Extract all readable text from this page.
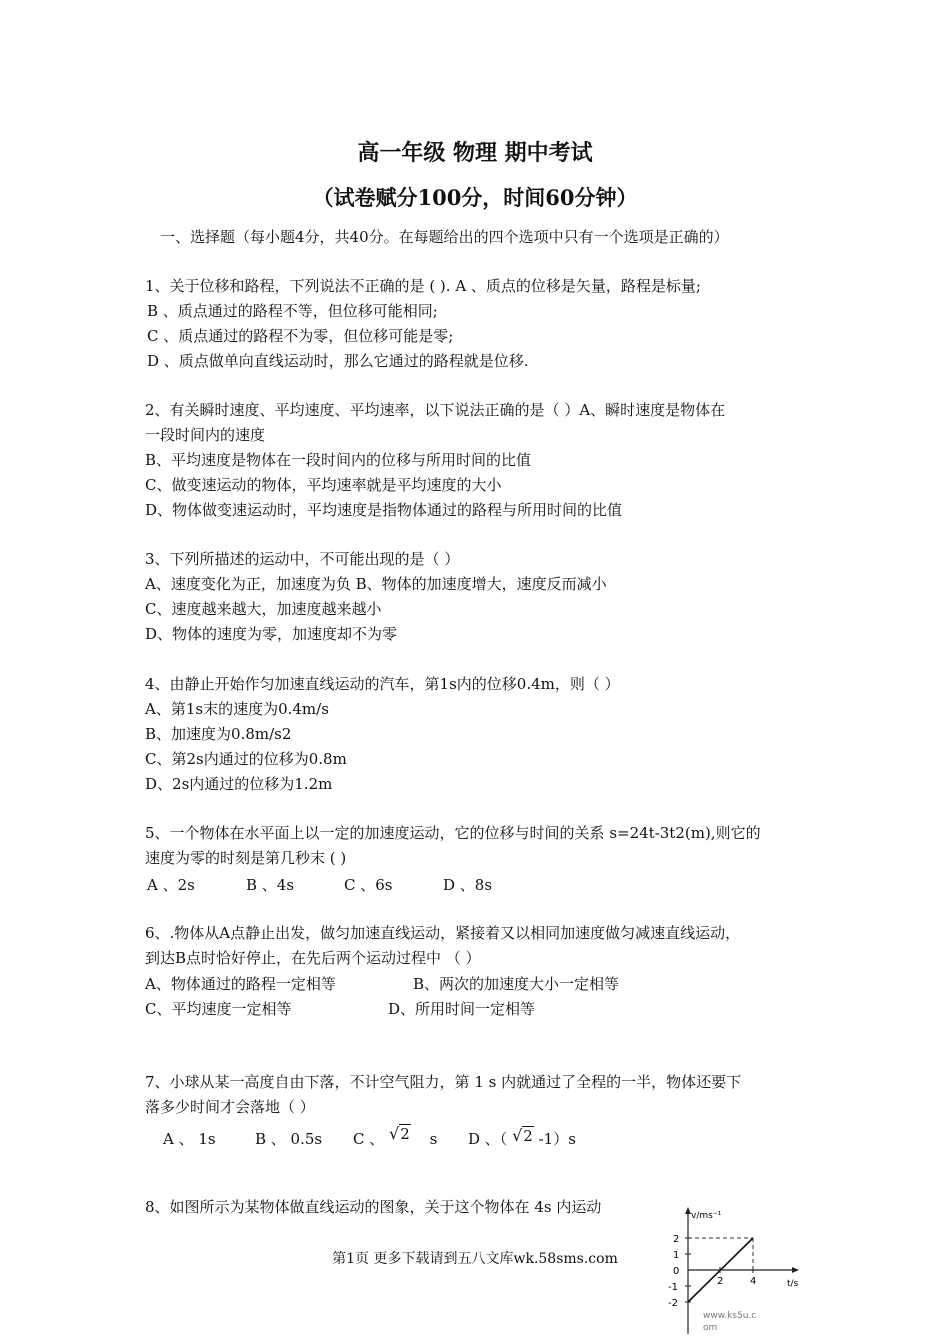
高一年级 物理 期中考试
（试卷赋分100分，时间60分钟）
一、选择题（每小题4分，共40分。在每题给出的四个选项中只有一个选项是正确的）
1、关于位移和路程，下列说法不正确的是 ( ). A 、质点的位移是矢量，路程是标量;
B 、质点通过的路程不等，但位移可能相同;
C 、质点通过的路程不为零，但位移可能是零;
D 、质点做单向直线运动时，那么它通过的路程就是位移.
2、有关瞬时速度、平均速度、平均速率，以下说法正确的是（ ）A、瞬时速度是物体在
一段时间内的速度
B、平均速度是物体在一段时间内的位移与所用时间的比值
C、做变速运动的物体，平均速率就是平均速度的大小
D、物体做变速运动时，平均速度是指物体通过的路程与所用时间的比值
3、下列所描述的运动中，不可能出现的是（ ）
A、速度变化为正，加速度为负 B、物体的加速度增大，速度反而减小
C、速度越来越大，加速度越来越小
D、物体的速度为零，加速度却不为零
4、由静止开始作匀加速直线运动的汽车，第1s内的位移0.4m，则（ ）
A、第1s末的速度为0.4m/s
B、加速度为0.8m/s2
C、第2s内通过的位移为0.8m
D、2s内通过的位移为1.2m
5、一个物体在水平面上以一定的加速度运动，它的位移与时间的关系 s=24t-3t2(m),则它的
速度为零的时刻是第几秒末 ( )
A 、2s	B 、4s	C 、6s	D 、8s
6、.物体从A点静止出发，做匀加速直线运动，紧接着又以相同加速度做匀减速直线运动，
到达B点时恰好停止，在先后两个运动过程中 （ ）
A、物体通过的路程一定相等	B、两次的加速度大小一定相等
C、平均速度一定相等	D、所用时间一定相等
7、小球从某一高度自由下落，不计空气阻力，第 1 s 内就通过了全程的一半，物体还要下
落多少时间才会落地（ ）
A 、 1s	B 、 0.5s C 、 √2 s D 、（ √2 -1）s
8、如图所示为某物体做直线运动的图象，关于这个物体在 4s 内运动	v/ms⁻¹
t/s
2
1
0
-1
-2
2	4
www.ks5u.c
om
第1页 更多下载请到五八文库wk.58sms.com
